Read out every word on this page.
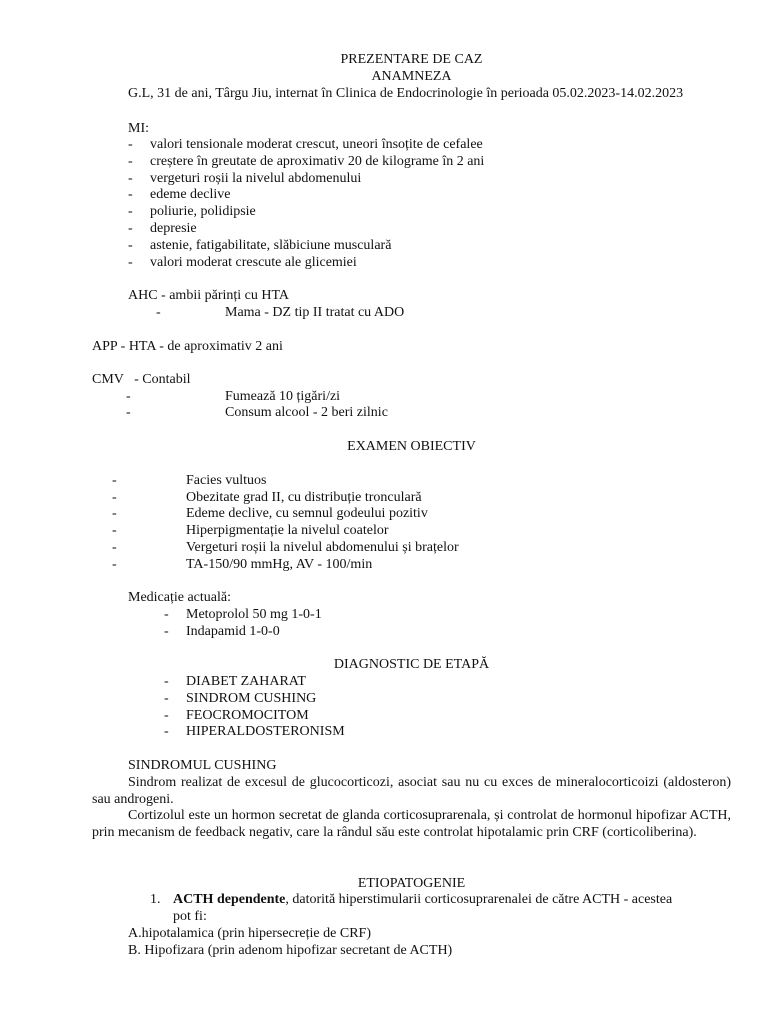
PREZENTARE DE CAZ
ANAMNEZA
G.L, 31 de ani, Târgu Jiu, internat în Clinica de Endocrinologie în perioada 05.02.2023-14.02.2023
MI:
- valori tensionale moderat crescut, uneori însoțite de cefalee
- creștere în greutate de aproximativ 20 de kilograme în 2 ani
- vergeturi roșii la nivelul abdomenului
- edeme declive
- poliurie, polidipsie
- depresie
- astenie, fatigabilitate, slăbiciune musculară
- valori moderat crescute ale glicemiei
AHC - ambii părinți cu HTA
-	Mama - DZ tip II tratat cu ADO
APP - HTA - de aproximativ 2 ani
CMV   - Contabil
-	Fumează 10 țigări/zi
-	Consum alcool - 2 beri zilnic
EXAMEN OBIECTIV
-	Facies vultuos
-	Obezitate grad II, cu distribuție tronculară
-	Edeme declive, cu semnul godeului pozitiv
-	Hiperpigmentație la nivelul coatelor
-	Vergeturi roșii la nivelul abdomenului și brațelor
-	TA-150/90 mmHg, AV - 100/min
Medicație actuală:
- Metoprolol 50 mg 1-0-1
- Indapamid 1-0-0
DIAGNOSTIC DE ETAPĂ
- DIABET ZAHARAT
- SINDROM CUSHING
- FEOCROMOCITOM
- HIPERALDOSTERONISM
SINDROMUL CUSHING
Sindrom realizat de excesul de glucocorticozi, asociat sau nu cu exces de mineralocorticoizi (aldosteron) sau androgeni.
Cortizolul este un hormon secretat de glanda corticosuprarenala, și controlat de hormonul hipofizar ACTH, prin mecanism de feedback negativ, care la rândul său este controlat hipotalamic prin CRF (corticoliberina).
ETIOPATOGENIE
1. ACTH dependente, datorită hiperstimularii corticosuprarenalei de către ACTH - acestea
pot fi:
A.hipotalamica (prin hipersecreție de CRF)
B. Hipofizara (prin adenom hipofizar secretant de ACTH)
